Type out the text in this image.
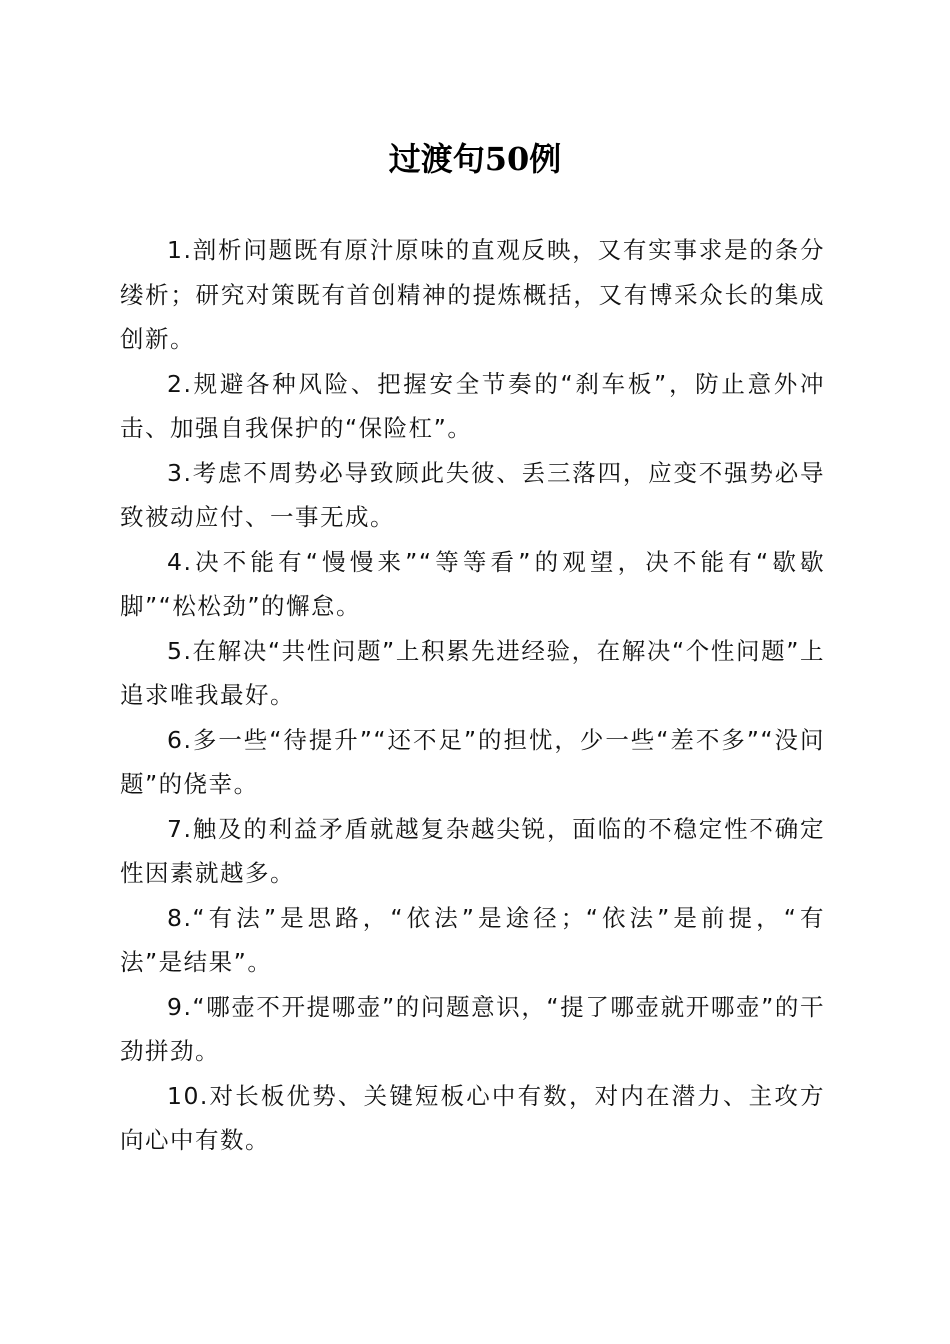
过渡句50例

1.剖析问题既有原汁原味的直观反映，又有实事求是的条分缕析；研究对策既有首创精神的提炼概括，又有博采众长的集成创新。

2.规避各种风险、把握安全节奏的“刹车板”，防止意外冲击、加强自我保护的“保险杠”。

3.考虑不周势必导致顾此失彼、丢三落四，应变不强势必导致被动应付、一事无成。

4.决不能有“慢慢来”“等等看”的观望，决不能有“歇歇脚”“松松劲”的懈怠。

5.在解决“共性问题”上积累先进经验，在解决“个性问题”上追求唯我最好。

6.多一些“待提升”“还不足”的担忧，少一些“差不多”“没问题”的侥幸。

7.触及的利益矛盾就越复杂越尖锐，面临的不稳定性不确定性因素就越多。

8.“有法”是思路，“依法”是途径；“依法”是前提，“有法”是结果”。

9.“哪壶不开提哪壶”的问题意识，“提了哪壶就开哪壶”的干劲拼劲。

10.对长板优势、关键短板心中有数，对内在潜力、主攻方向心中有数。
